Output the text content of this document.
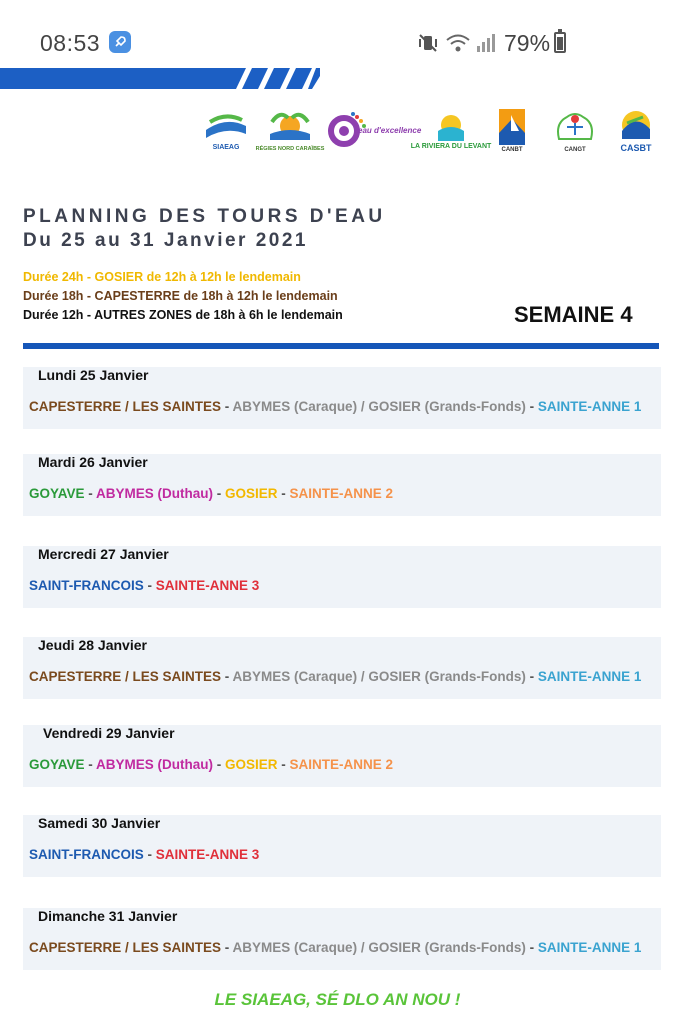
08:53	79%
SIAEAG	RÉGIES NORD CARAÏBES
eau d'excellence
LA RIVIERA DU LEVANT
CANBT	CANGT	CASBT
PLANNING DES TOURS D'EAU
Du 25 au 31 Janvier 2021
Durée 24h - GOSIER de 12h à 12h le lendemain
Durée 18h - CAPESTERRE de 18h à 12h le lendemain
Durée 12h - AUTRES ZONES de 18h à 6h le lendemain	SEMAINE 4
Lundi 25 Janvier
CAPESTERRE / LES SAINTES - ABYMES (Caraque) / GOSIER (Grands-Fonds) - SAINTE-ANNE 1
Mardi 26 Janvier
GOYAVE - ABYMES (Duthau) - GOSIER - SAINTE-ANNE 2
Mercredi 27 Janvier
SAINT-FRANCOIS - SAINTE-ANNE 3
Jeudi 28 Janvier
CAPESTERRE / LES SAINTES - ABYMES (Caraque) / GOSIER (Grands-Fonds) - SAINTE-ANNE 1
Vendredi 29 Janvier
GOYAVE - ABYMES (Duthau) - GOSIER - SAINTE-ANNE 2
Samedi 30 Janvier
SAINT-FRANCOIS - SAINTE-ANNE 3
Dimanche 31 Janvier
CAPESTERRE / LES SAINTES - ABYMES (Caraque) / GOSIER (Grands-Fonds) - SAINTE-ANNE 1
LE SIAEAG, SÉ DLO AN NOU !
